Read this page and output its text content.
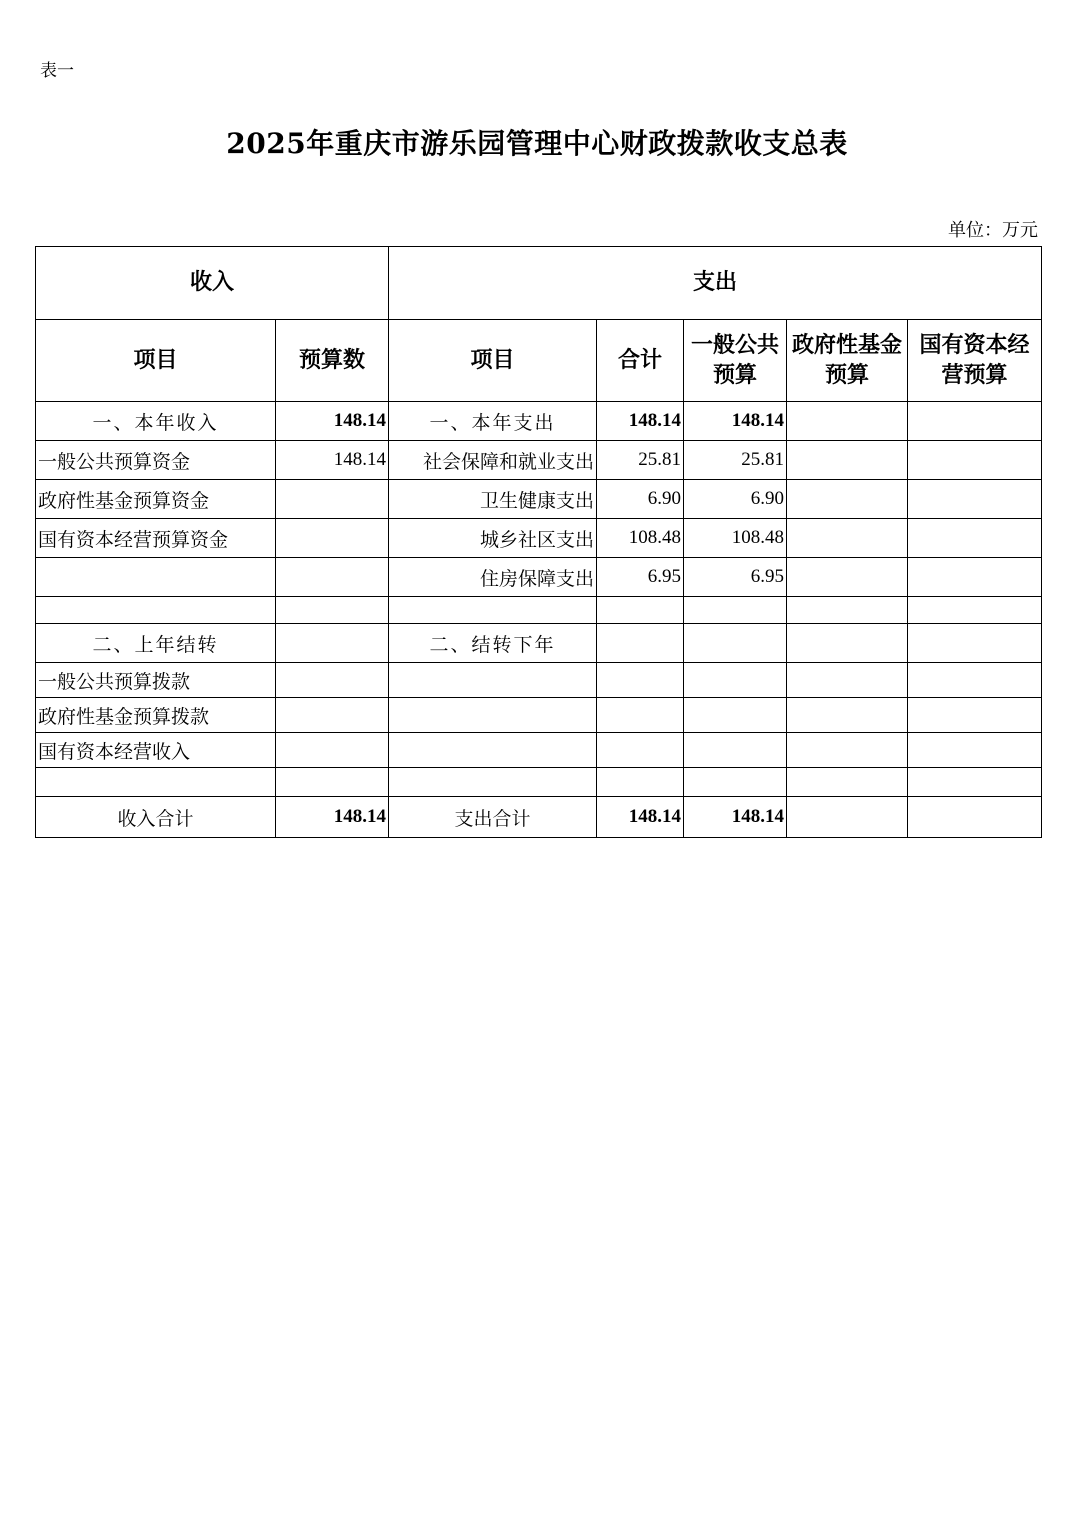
表一
2025年重庆市游乐园管理中心财政拨款收支总表
单位：万元
收入		支出				
项目	预算数	项目	合计	一般公共预算	政府性基金预算	国有资本经营预算
一、本年收入	148.14	一、本年支出	148.14	148.14		
一般公共预算资金	148.14	社会保障和就业支出	25.81	25.81		
政府性基金预算资金		卫生健康支出	6.90	6.90		
国有资本经营预算资金		城乡社区支出	108.48	108.48		
		住房保障支出	6.95	6.95		

二、上年结转		二、结转下年				
一般公共预算拨款						
政府性基金预算拨款						
国有资本经营收入						

收入合计	148.14	支出合计	148.14	148.14		
